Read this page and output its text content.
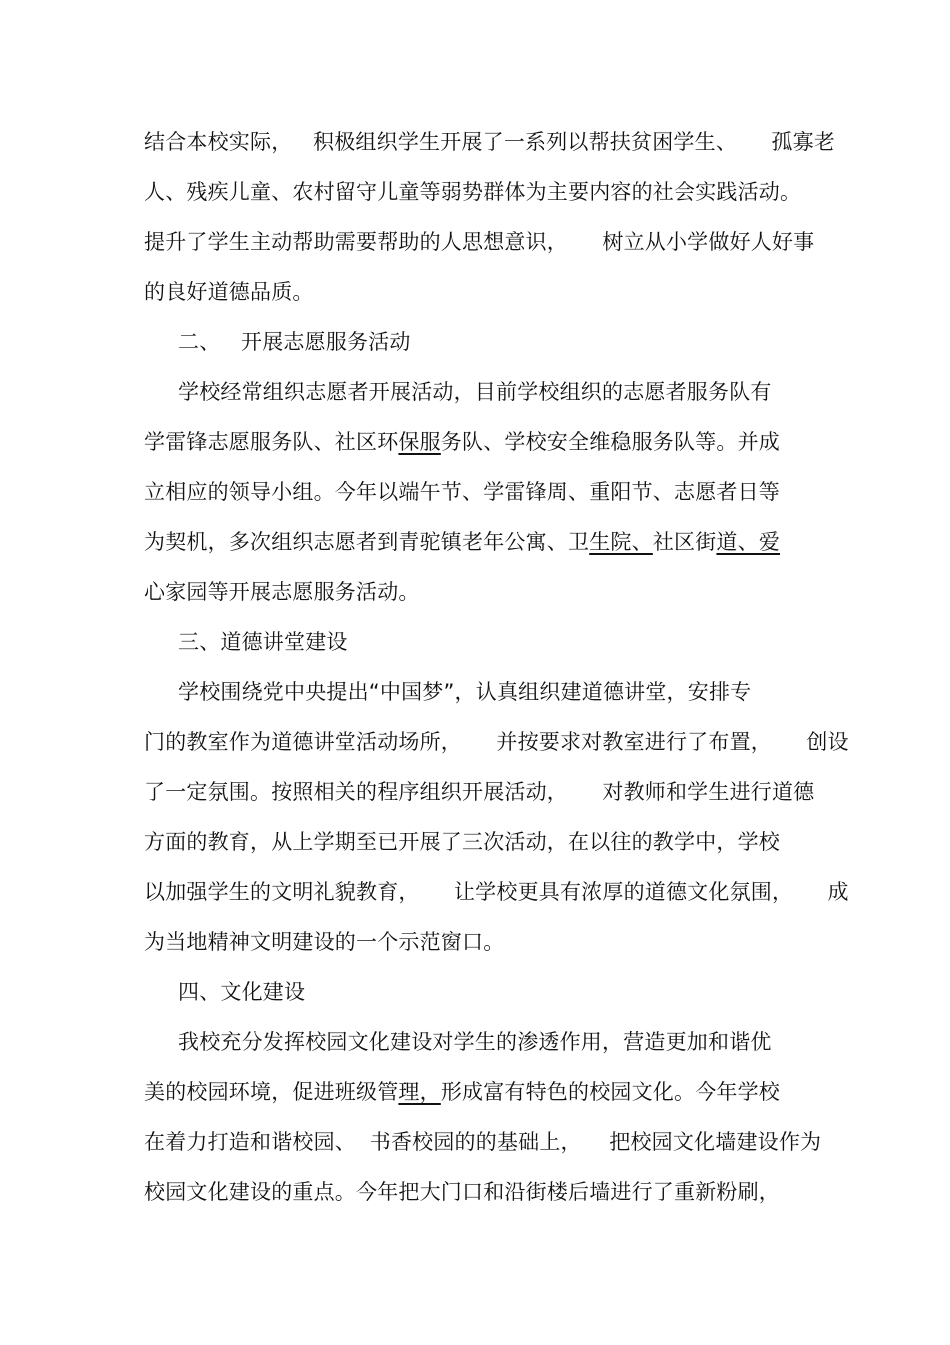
结合本校实际，   积极组织学生开展了一系列以帮扶贫困学生、     孤寡老
人、残疾儿童、农村留守儿童等弱势群体为主要内容的社会实践活动。
提升了学生主动帮助需要帮助的人思想意识，     树立从小学做好人好事
的良好道德品质。
二、   开展志愿服务活动
学校经常组织志愿者开展活动，目前学校组织的志愿者服务队有
学雷锋志愿服务队、社区环保服务队、学校安全维稳服务队等。并成
立相应的领导小组。今年以端午节、学雷锋周、重阳节、志愿者日等
为契机，多次组织志愿者到青驼镇老年公寓、卫生院、社区街道、爱
心家园等开展志愿服务活动。
三、道德讲堂建设
学校围绕党中央提出“中国梦”，认真组织建道德讲堂，安排专
门的教室作为道德讲堂活动场所，     并按要求对教室进行了布置，     创设
了一定氛围。按照相关的程序组织开展活动，     对教师和学生进行道德
方面的教育，从上学期至已开展了三次活动，在以往的教学中，学校
以加强学生的文明礼貌教育，     让学校更具有浓厚的道德文化氛围，     成
为当地精神文明建设的一个示范窗口。
四、文化建设
我校充分发挥校园文化建设对学生的渗透作用，营造更加和谐优
美的校园环境，促进班级管理，形成富有特色的校园文化。今年学校
在着力打造和谐校园、  书香校园的的基础上，    把校园文化墙建设作为
校园文化建设的重点。今年把大门口和沿街楼后墙进行了重新粉刷，
